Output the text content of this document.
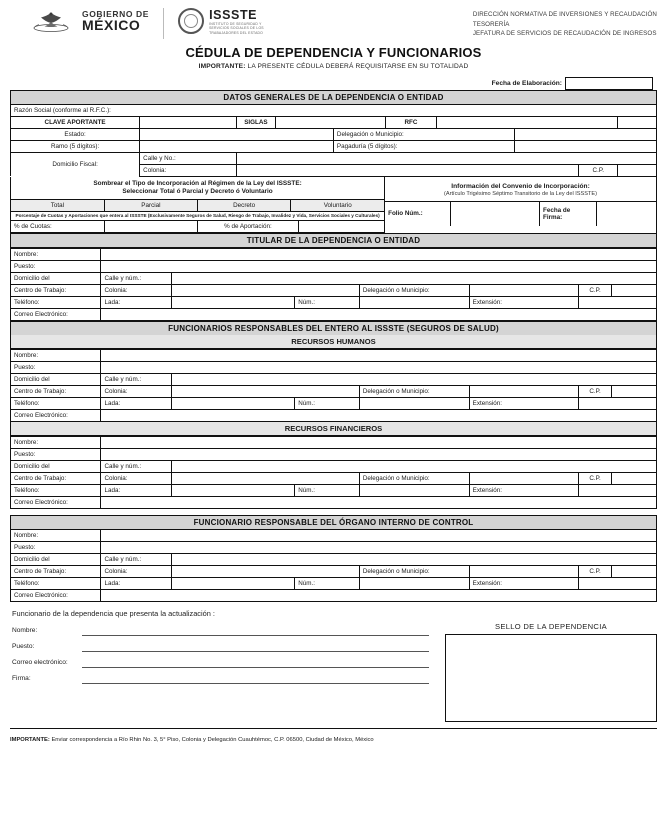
GOBIERNO DE
MÉXICO
ISSSTE
INSTITUTO DE SEGURIDAD Y SERVICIOS SOCIALES DE LOS TRABAJADORES DEL ESTADO
DIRECCIÓN NORMATIVA DE INVERSIONES Y RECAUDACIÓN
TESORERÍA
JEFATURA DE SERVICIOS DE RECAUDACIÓN DE INGRESOS
CÉDULA DE DEPENDENCIA Y FUNCIONARIOS
IMPORTANTE: LA PRESENTE CÉDULA DEBERÁ REQUISITARSE EN SU TOTALIDAD
Fecha de Elaboración:
DATOS GENERALES DE LA DEPENDENCIA O ENTIDAD
Razón Social (conforme al R.F.C.):									
CLAVE APORTANTE		SIGLAS			RFC				
Estado:				Delegación o Municipio:					
Ramo (5 dígitos):				Pagaduría (5 dígitos):					
Domicilio Fiscal:	Calle y No.:								
	Colonia:							C.P.	
Sombrear el Tipo de Incorporación al Régimen de la Ley del ISSSTE:
Seleccionar Total ó Parcial y Decreto ó Voluntario
Total	Parcial	Decreto	Voluntario
Porcentaje de Cuotas y Aportaciones que entera al ISSSTE (Exclusivamente Seguros de Salud, Riesgo de Trabajo, Invalidez y Vida, Servicios Sociales y Culturales)
% de Cuotas:		% de Aportación:	
Información del Convenio de Incorporación:
(Artículo Trigésimo Séptimo Transitorio de la Ley del ISSSTE)
Folio Núm.:		Fecha de
Firma:

TITULAR DE LA DEPENDENCIA O ENTIDAD
Nombre:							
Puesto:							
Domicilio del	Calle y núm.:						
Centro de Trabajo:	Colonia:			Delegación o Municipio:		C.P.	
Teléfono:	Lada:		Núm.:		Extensión:		
Correo Electrónico:							
FUNCIONARIOS RESPONSABLES DEL ENTERO AL ISSSTE (SEGUROS DE SALUD)
RECURSOS HUMANOS
Nombre:							
Puesto:							
Domicilio del	Calle y núm.:						
Centro de Trabajo:	Colonia:			Delegación o Municipio:		C.P.	
Teléfono:	Lada:		Núm.:		Extensión:		
Correo Electrónico:							
RECURSOS FINANCIEROS
Nombre:							
Puesto:							
Domicilio del	Calle y núm.:						
Centro de Trabajo:	Colonia:			Delegación o Municipio:		C.P.	
Teléfono:	Lada:		Núm.:		Extensión:		
Correo Electrónico:							
FUNCIONARIO RESPONSABLE DEL ÓRGANO INTERNO DE CONTROL
Nombre:							
Puesto:							
Domicilio del	Calle y núm.:						
Centro de Trabajo:	Colonia:			Delegación o Municipio:		C.P.	
Teléfono:	Lada:		Núm.:		Extensión:		
Correo Electrónico:							
Funcionario de la dependencia que presenta la actualización :
Nombre:	

Puesto:	

Correo electrónico:	

Firma:	
SELLO DE LA DEPENDENCIA
IMPORTANTE: Enviar correspondencia a Río Rhin No. 3, 5° Piso, Colonia y Delegación Cuauhtémoc, C.P. 06500, Ciudad de México, México
